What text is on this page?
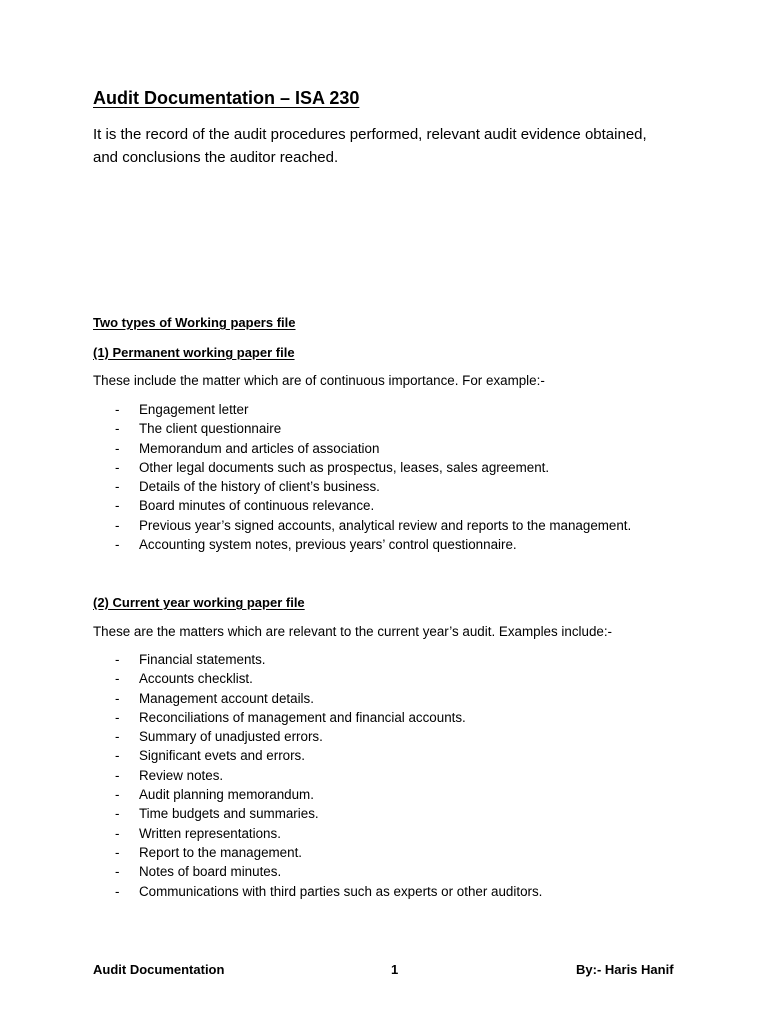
Audit Documentation – ISA 230
It is the record of the audit procedures performed, relevant audit evidence obtained, and conclusions the auditor reached.
Two types of Working papers file
(1) Permanent working paper file
These include the matter which are of continuous importance. For example:-
- Engagement letter
- The client questionnaire
- Memorandum and articles of association
- Other legal documents such as prospectus, leases, sales agreement.
- Details of the history of client’s business.
- Board minutes of continuous relevance.
- Previous year’s signed accounts, analytical review and reports to the management.
- Accounting system notes, previous years’ control questionnaire.
(2) Current year working paper file
These are the matters which are relevant to the current year’s audit. Examples include:-
- Financial statements.
- Accounts checklist.
- Management account details.
- Reconciliations of management and financial accounts.
- Summary of unadjusted errors.
- Significant evets and errors.
- Review notes.
- Audit planning memorandum.
- Time budgets and summaries.
- Written representations.
- Report to the management.
- Notes of board minutes.
- Communications with third parties such as experts or other auditors.
Audit Documentation	1	By:- Haris Hanif
